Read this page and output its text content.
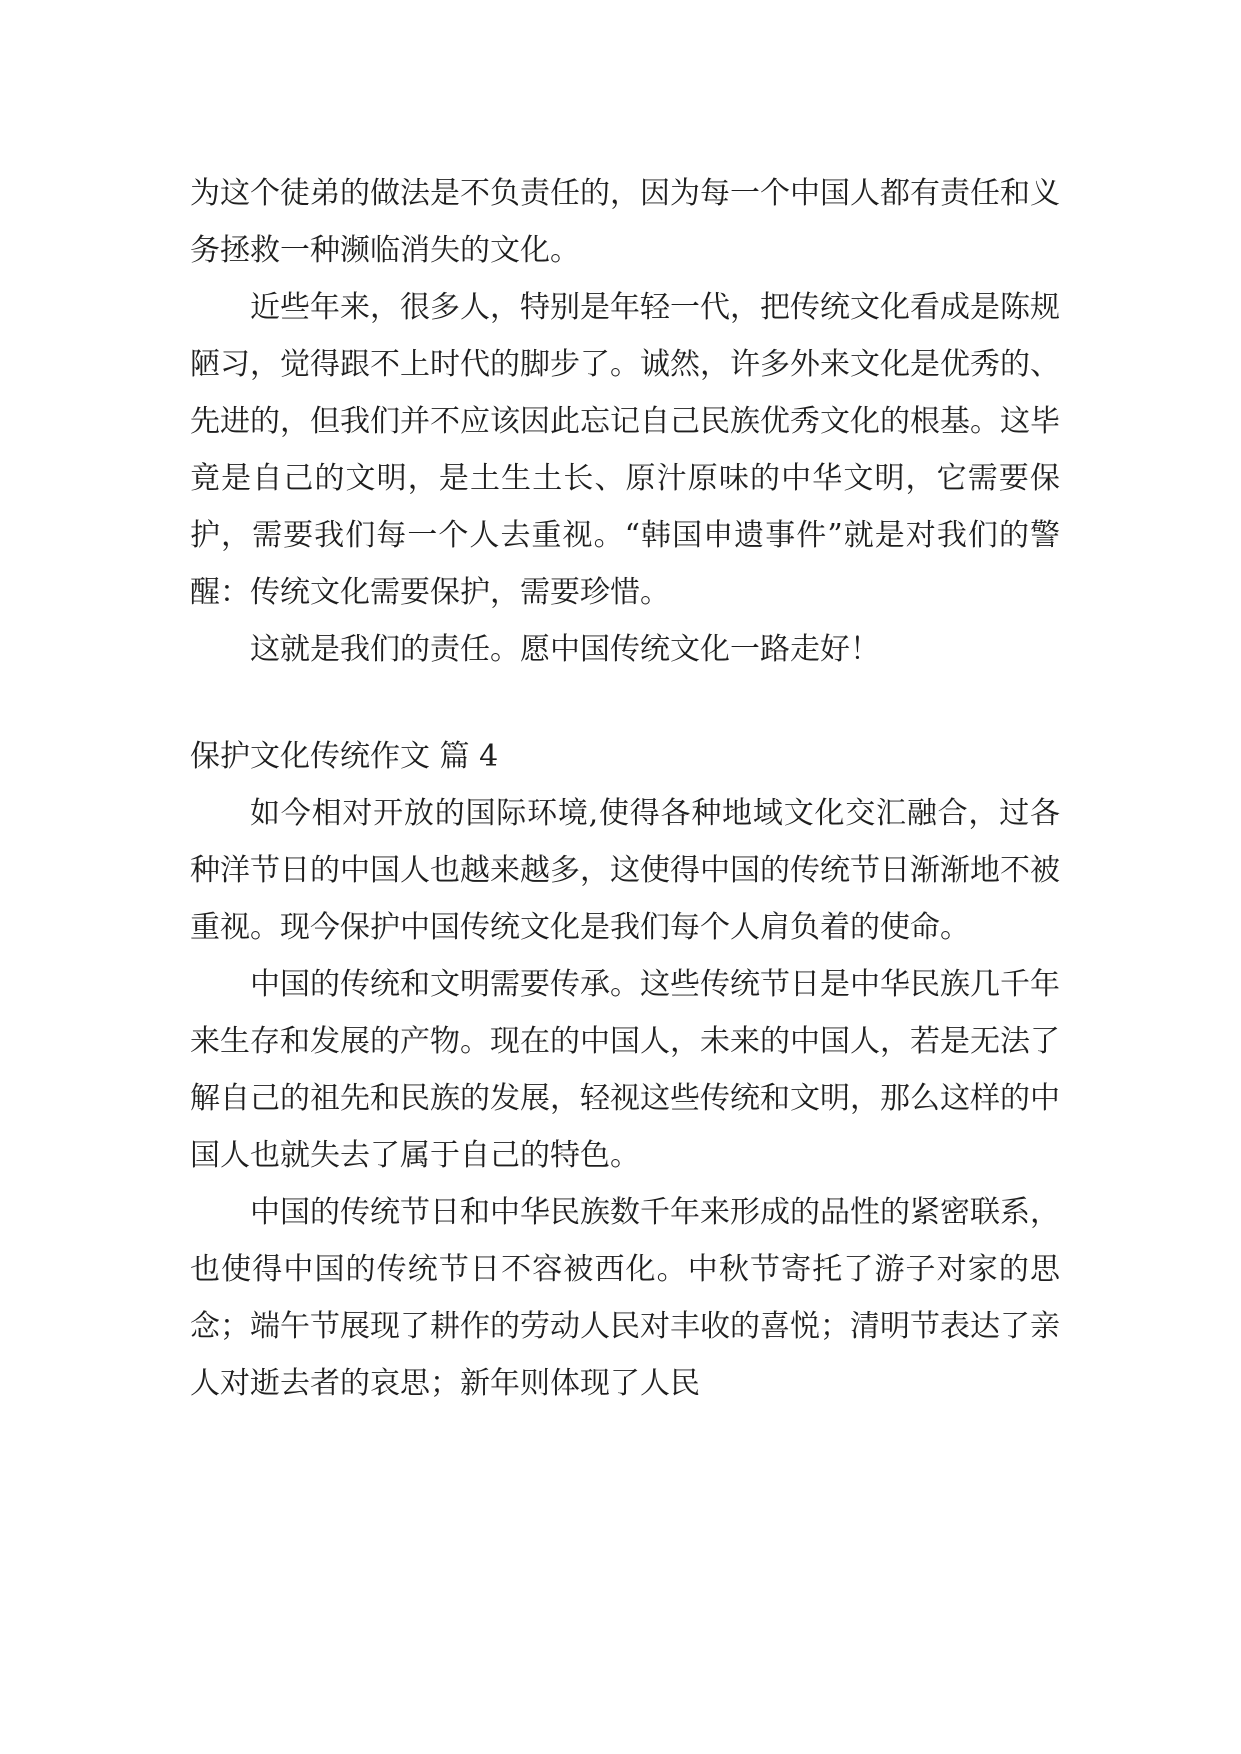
为这个徒弟的做法是不负责任的，因为每一个中国人都有责任和义务拯救一种濒临消失的文化。

近些年来，很多人，特别是年轻一代，把传统文化看成是陈规陋习，觉得跟不上时代的脚步了。诚然，许多外来文化是优秀的、先进的，但我们并不应该因此忘记自己民族优秀文化的根基。这毕竟是自己的文明，是土生土长、原汁原味的中华文明，它需要保护，需要我们每一个人去重视。“韩国申遗事件”就是对我们的警醒：传统文化需要保护，需要珍惜。

这就是我们的责任。愿中国传统文化一路走好！

保护文化传统作文 篇 4

如今相对开放的国际环境,使得各种地域文化交汇融合，过各种洋节日的中国人也越来越多，这使得中国的传统节日渐渐地不被重视。现今保护中国传统文化是我们每个人肩负着的使命。

中国的传统和文明需要传承。这些传统节日是中华民族几千年来生存和发展的产物。现在的中国人，未来的中国人，若是无法了解自己的祖先和民族的发展，轻视这些传统和文明，那么这样的中国人也就失去了属于自己的特色。

中国的传统节日和中华民族数千年来形成的品性的紧密联系，也使得中国的传统节日不容被西化。中秋节寄托了游子对家的思念；端午节展现了耕作的劳动人民对丰收的喜悦；清明节表达了亲人对逝去者的哀思；新年则体现了人民
